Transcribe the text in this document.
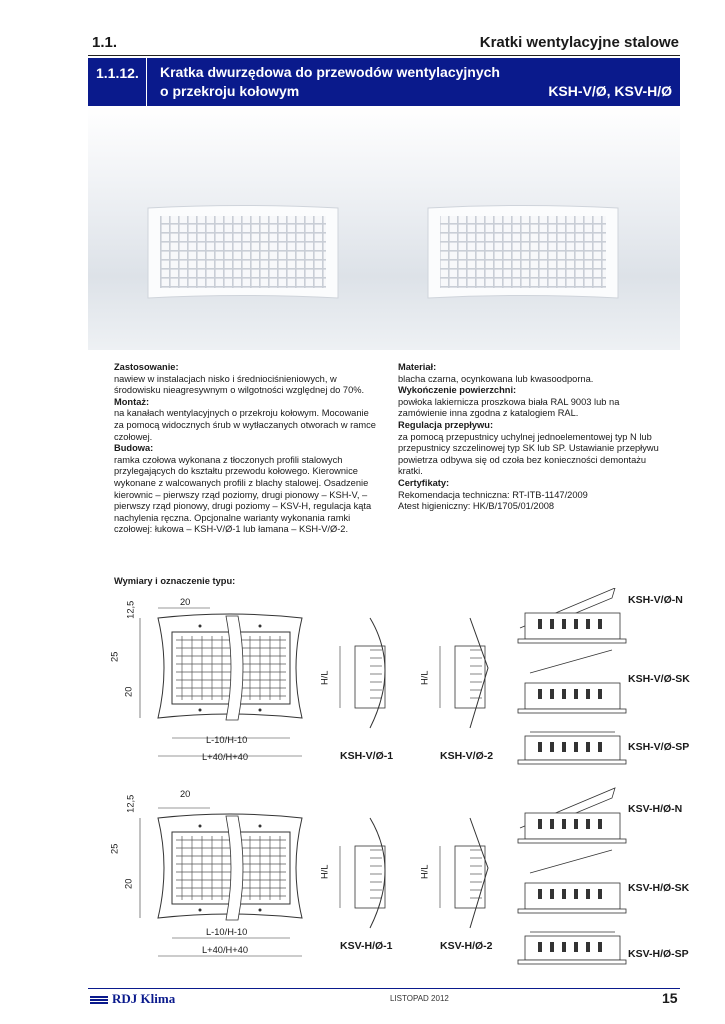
1.1.	Kratki wentylacyjne stalowe
1.1.12. Kratka dwurzędowa do przewodów wentylacyjnych
o przekroju kołowym	KSH-V/Ø, KSV-H/Ø

Zastosowanie:

nawiew w instalacjach nisko i średniociśnieniowych, w środowisku nieagresywnym o wilgotności względnej do 70%.

Montaż:

na kanałach wentylacyjnych o przekroju kołowym. Mocowanie za pomocą widocznych śrub w wytłaczanych otworach w ramce czołowej.

Budowa:

ramka czołowa wykonana z tłoczonych profili stalowych przylegających do kształtu przewodu kołowego. Kierownice wykonane z walcowanych profili z blachy stalowej. Osadzenie kierownic – pierwszy rząd poziomy, drugi pionowy – KSH-V, – pierwszy rząd pionowy, drugi poziomy – KSV-H, regulacja kąta nachylenia ręczna. Opcjonalne warianty wykonania ramki czołowej: łukowa – KSH-V/Ø-1 lub łamana – KSH-V/Ø-2.

Materiał:

blacha czarna, ocynkowana lub kwasoodporna.

Wykończenie powierzchni:

powłoka lakiernicza proszkowa biała RAL 9003 lub na zamówienie inna zgodna z katalogiem RAL.

Regulacja przepływu:

za pomocą przepustnicy uchylnej jednoelementowej typ N lub przepustnicy szczelinowej typ SK lub SP. Ustawianie przepływu powietrza odbywa się od czoła bez konieczności demontażu kratki.

Certyfikaty:

Rekomendacja techniczna: RT-ITB-1147/2009
Atest higieniczny: HK/B/1705/01/2008

Wymiary i oznaczenie typu:
20
12,5
25
20
L-10/H-10
L+40/H+40
H/L	H/L
KSH-V/Ø-1	KSH-V/Ø-2
KSH-V/Ø-N
KSH-V/Ø-SK
KSH-V/Ø-SP
20
12,5
25
20
L-10/H-10
L+40/H+40
H/L	H/L
KSV-H/Ø-1	KSV-H/Ø-2
KSV-H/Ø-N
KSV-H/Ø-SK
KSV-H/Ø-SP
RDJ Klima	LISTOPAD 2012	15
